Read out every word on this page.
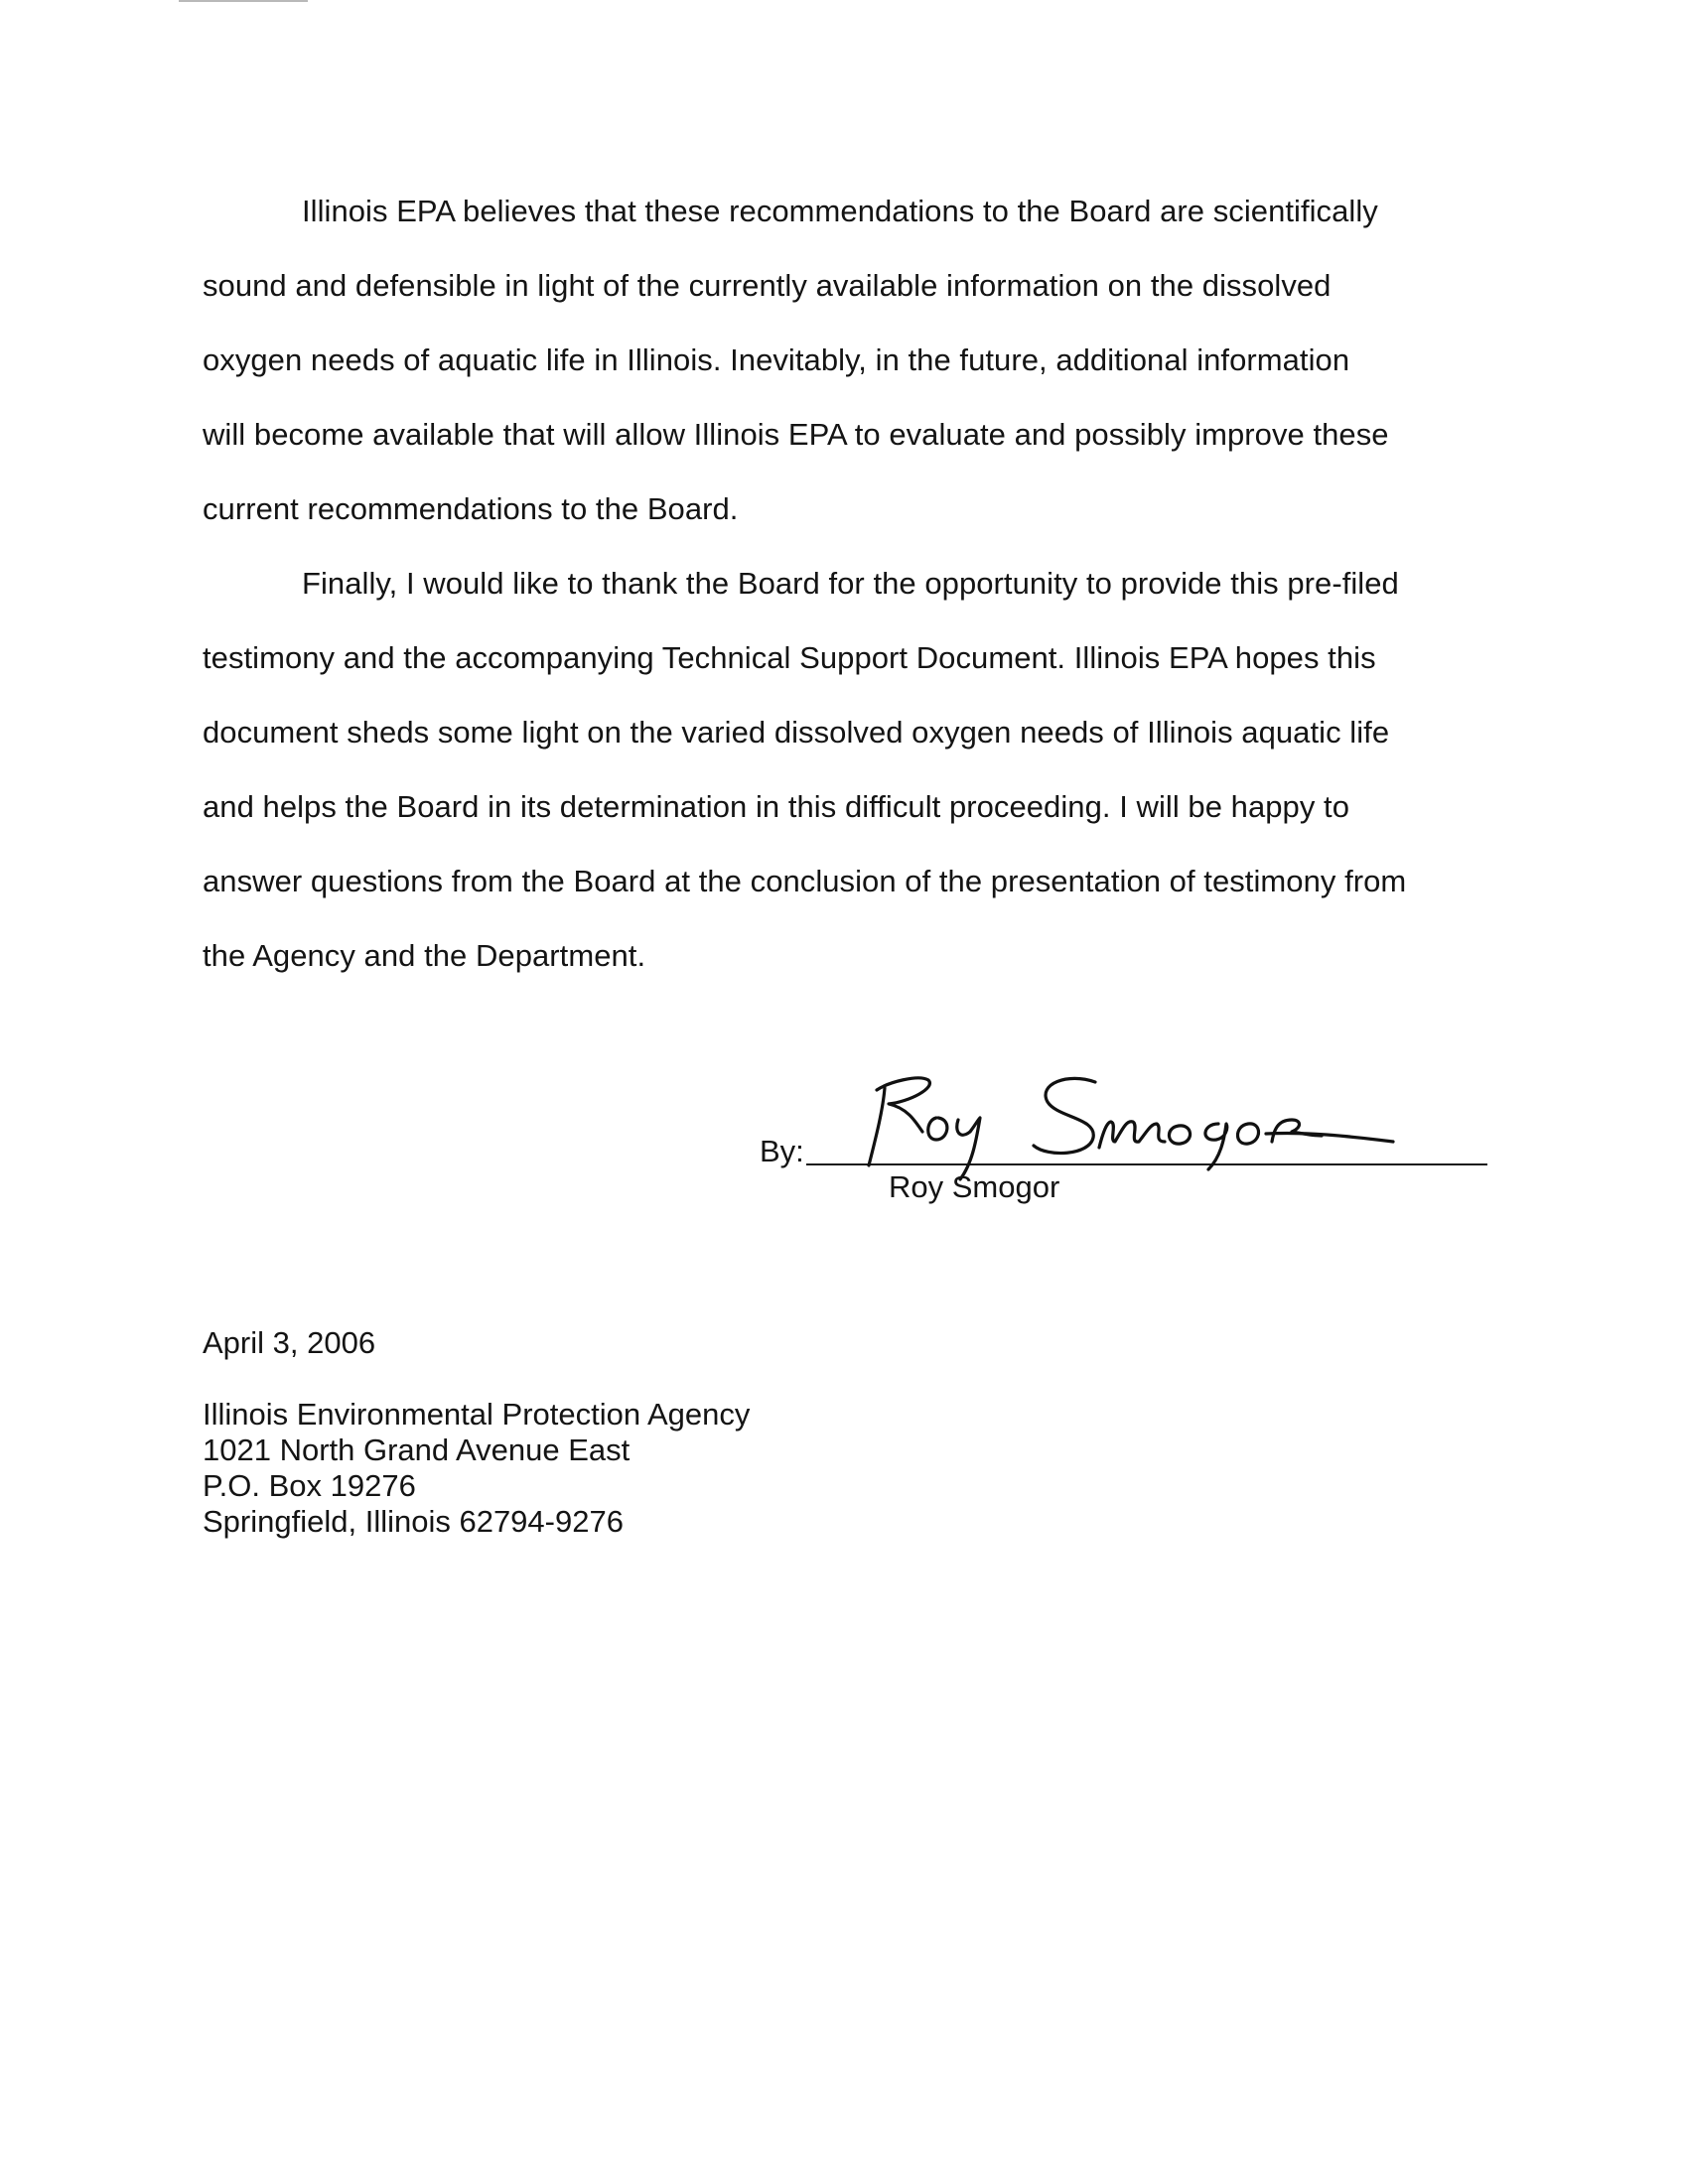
Illinois EPA believes that these recommendations to the Board are scientifically
sound and defensible in light of the currently available information on the dissolved
oxygen needs of aquatic life in Illinois. Inevitably, in the future, additional information
will become available that will allow Illinois EPA to evaluate and possibly improve these
current recommendations to the Board.
Finally, I would like to thank the Board for the opportunity to provide this pre-filed
testimony and the accompanying Technical Support Document. Illinois EPA hopes this
document sheds some light on the varied dissolved oxygen needs of Illinois aquatic life
and helps the Board in its determination in this difficult proceeding. I will be happy to
answer questions from the Board at the conclusion of the presentation of testimony from
the Agency and the Department.
By:
Roy Smogor
April 3, 2006
Illinois Environmental Protection Agency
1021 North Grand Avenue East
P.O. Box 19276
Springfield, Illinois 62794-9276
